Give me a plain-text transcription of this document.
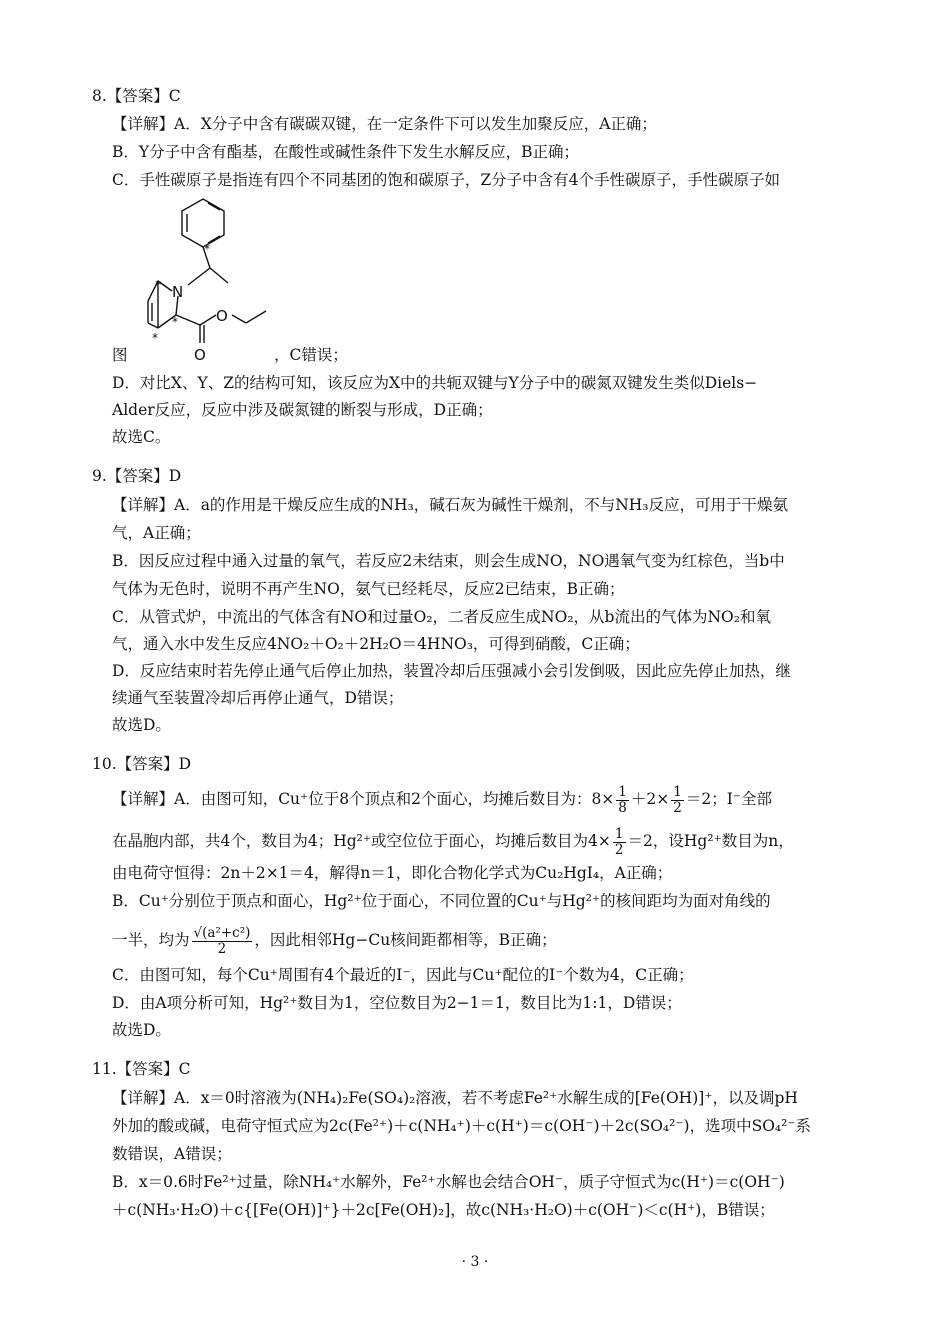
8.【答案】C
【详解】A．X分子中含有碳碳双键，在一定条件下可以发生加聚反应，A正确；
B．Y分子中含有酯基，在酸性或碱性条件下发生水解反应，B正确；
C．手性碳原子是指连有四个不同基团的饱和碳原子，Z分子中含有4个手性碳原子，手性碳原子如
N
O
O
*
*
*
*
图	，C错误；
D．对比X、Y、Z的结构可知，该反应为X中的共轭双键与Y分子中的碳氮双键发生类似Diels−
Alder反应，反应中涉及碳氮键的断裂与形成，D正确；
故选C。
9.【答案】D
【详解】A．a的作用是干燥反应生成的NH₃，碱石灰为碱性干燥剂，不与NH₃反应，可用于干燥氨
气，A正确；
B．因反应过程中通入过量的氧气，若反应2未结束，则会生成NO，NO遇氧气变为红棕色，当b中
气体为无色时，说明不再产生NO，氨气已经耗尽，反应2已结束，B正确；
C．从管式炉，中流出的气体含有NO和过量O₂，二者反应生成NO₂，从b流出的气体为NO₂和氧
气，通入水中发生反应4NO₂＋O₂＋2H₂O＝4HNO₃，可得到硝酸，C正确；
D．反应结束时若先停止通气后停止加热，装置冷却后压强减小会引发倒吸，因此应先停止加热，继
续通气至装置冷却后再停止通气，D错误；
故选D。
10.【答案】D
【详解】A．由图可知，Cu⁺位于8个顶点和2个面心，均摊后数目为：$8\times \frac{1}{8} +2\times \frac{1}{2} =2$；I⁻全部
在晶胞内部，共4个，数目为4；Hg²⁺或空位位于面心，均摊后数目为$4\times \frac{1}{2} =2$，设Hg²⁺数目为n，
由电荷守恒得：2n＋2×1＝4，解得n＝1，即化合物化学式为Cu₂HgI₄，A正确；
B．Cu⁺分别位于顶点和面心，Hg²⁺位于面心，不同位置的Cu⁺与Hg²⁺的核间距均为面对角线的
一半，均为 $\frac{\text{√(a²+c²)}}{2}$ ，因此相邻Hg−Cu核间距都相等，B正确；
C．由图可知，每个Cu⁺周围有4个最近的I⁻，因此与Cu⁺配位的I⁻个数为4，C正确；
D．由A项分析可知，Hg²⁺数目为1，空位数目为2−1＝1，数目比为1:1，D错误；
故选D。
11.【答案】C
【详解】A．x＝0时溶液为(NH₄)₂Fe(SO₄)₂溶液，若不考虑Fe²⁺水解生成的[Fe(OH)]⁺，以及调pH
外加的酸或碱，电荷守恒式应为2c(Fe²⁺)＋c(NH₄⁺)＋c(H⁺)＝c(OH⁻)＋2c(SO₄²⁻)，选项中SO₄²⁻系
数错误，A错误；
B．x＝0.6时Fe²⁺过量，除NH₄⁺水解外，Fe²⁺水解也会结合OH⁻，质子守恒式为c(H⁺)＝c(OH⁻)
＋c(NH₃·H₂O)＋c{[Fe(OH)]⁺}＋2c[Fe(OH)₂]，故c(NH₃·H₂O)＋c(OH⁻)＜c(H⁺)，B错误；
· 3 ·
